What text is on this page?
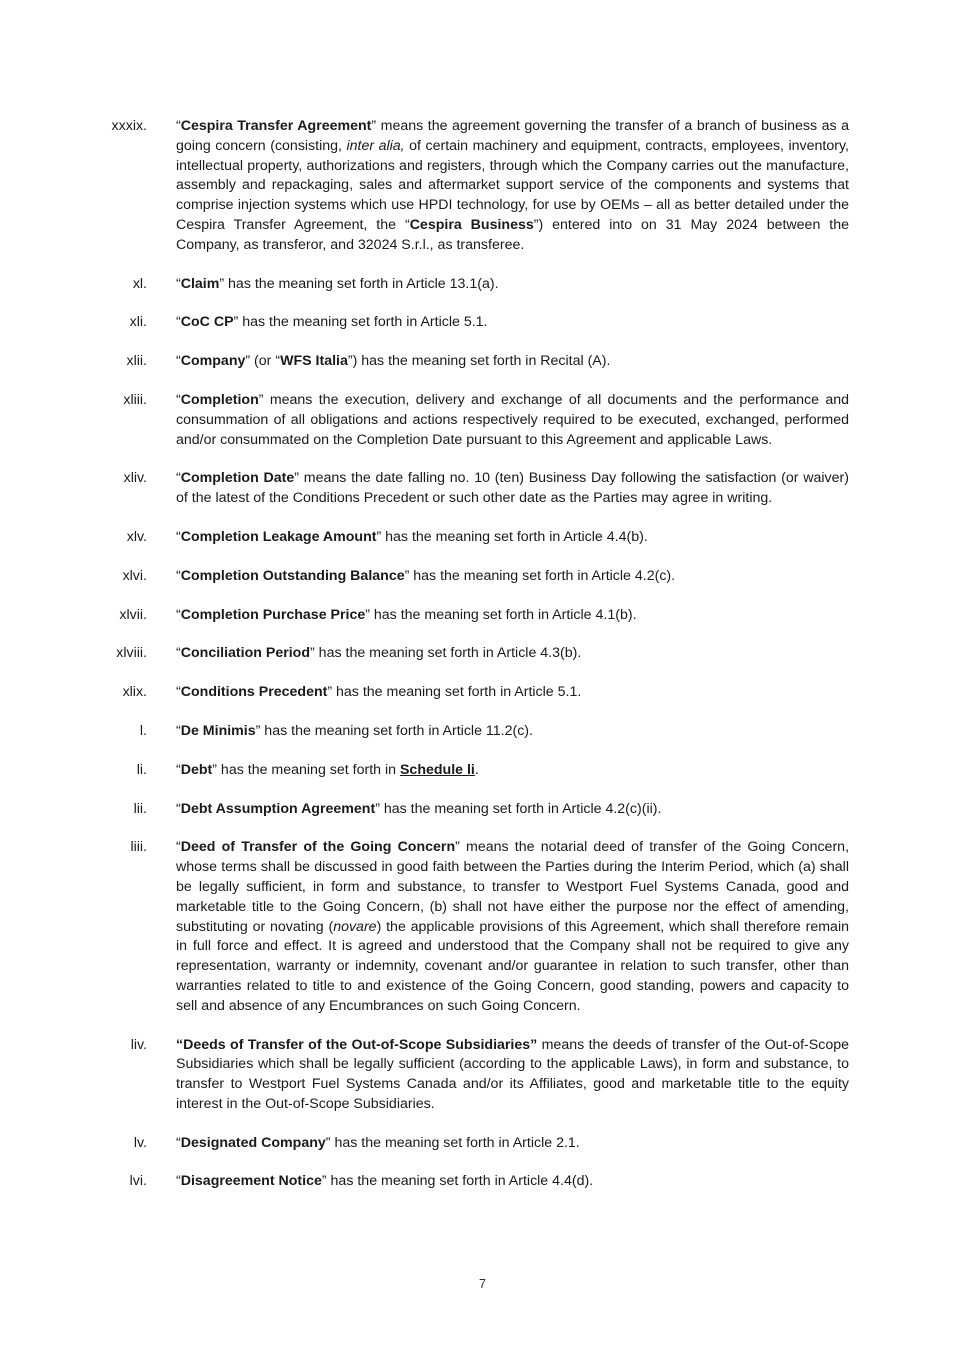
xxxix. “Cespira Transfer Agreement” means the agreement governing the transfer of a branch of business as a going concern (consisting, inter alia, of certain machinery and equipment, contracts, employees, inventory, intellectual property, authorizations and registers, through which the Company carries out the manufacture, assembly and repackaging, sales and aftermarket support service of the components and systems that comprise injection systems which use HPDI technology, for use by OEMs – all as better detailed under the Cespira Transfer Agreement, the “Cespira Business”) entered into on 31 May 2024 between the Company, as transferor, and 32024 S.r.l., as transferee.
xl. “Claim” has the meaning set forth in Article 13.1(a).
xli. “CoC CP” has the meaning set forth in Article 5.1.
xlii. “Company” (or “WFS Italia”) has the meaning set forth in Recital (A).
xliii. “Completion” means the execution, delivery and exchange of all documents and the performance and consummation of all obligations and actions respectively required to be executed, exchanged, performed and/or consummated on the Completion Date pursuant to this Agreement and applicable Laws.
xliv. “Completion Date” means the date falling no. 10 (ten) Business Day following the satisfaction (or waiver) of the latest of the Conditions Precedent or such other date as the Parties may agree in writing.
xlv. “Completion Leakage Amount” has the meaning set forth in Article 4.4(b).
xlvi. “Completion Outstanding Balance” has the meaning set forth in Article 4.2(c).
xlvii. “Completion Purchase Price” has the meaning set forth in Article 4.1(b).
xlviii. “Conciliation Period” has the meaning set forth in Article 4.3(b).
xlix. “Conditions Precedent” has the meaning set forth in Article 5.1.
l. “De Minimis” has the meaning set forth in Article 11.2(c).
li. “Debt” has the meaning set forth in Schedule li.
lii. “Debt Assumption Agreement” has the meaning set forth in Article 4.2(c)(ii).
liii. “Deed of Transfer of the Going Concern” means the notarial deed of transfer of the Going Concern, whose terms shall be discussed in good faith between the Parties during the Interim Period, which (a) shall be legally sufficient, in form and substance, to transfer to Westport Fuel Systems Canada, good and marketable title to the Going Concern, (b) shall not have either the purpose nor the effect of amending, substituting or novating (novare) the applicable provisions of this Agreement, which shall therefore remain in full force and effect. It is agreed and understood that the Company shall not be required to give any representation, warranty or indemnity, covenant and/or guarantee in relation to such transfer, other than warranties related to title to and existence of the Going Concern, good standing, powers and capacity to sell and absence of any Encumbrances on such Going Concern.
liv. “Deeds of Transfer of the Out-of-Scope Subsidiaries” means the deeds of transfer of the Out-of-Scope Subsidiaries which shall be legally sufficient (according to the applicable Laws), in form and substance, to transfer to Westport Fuel Systems Canada and/or its Affiliates, good and marketable title to the equity interest in the Out-of-Scope Subsidiaries.
lv. “Designated Company” has the meaning set forth in Article 2.1.
lvi. “Disagreement Notice” has the meaning set forth in Article 4.4(d).
7
